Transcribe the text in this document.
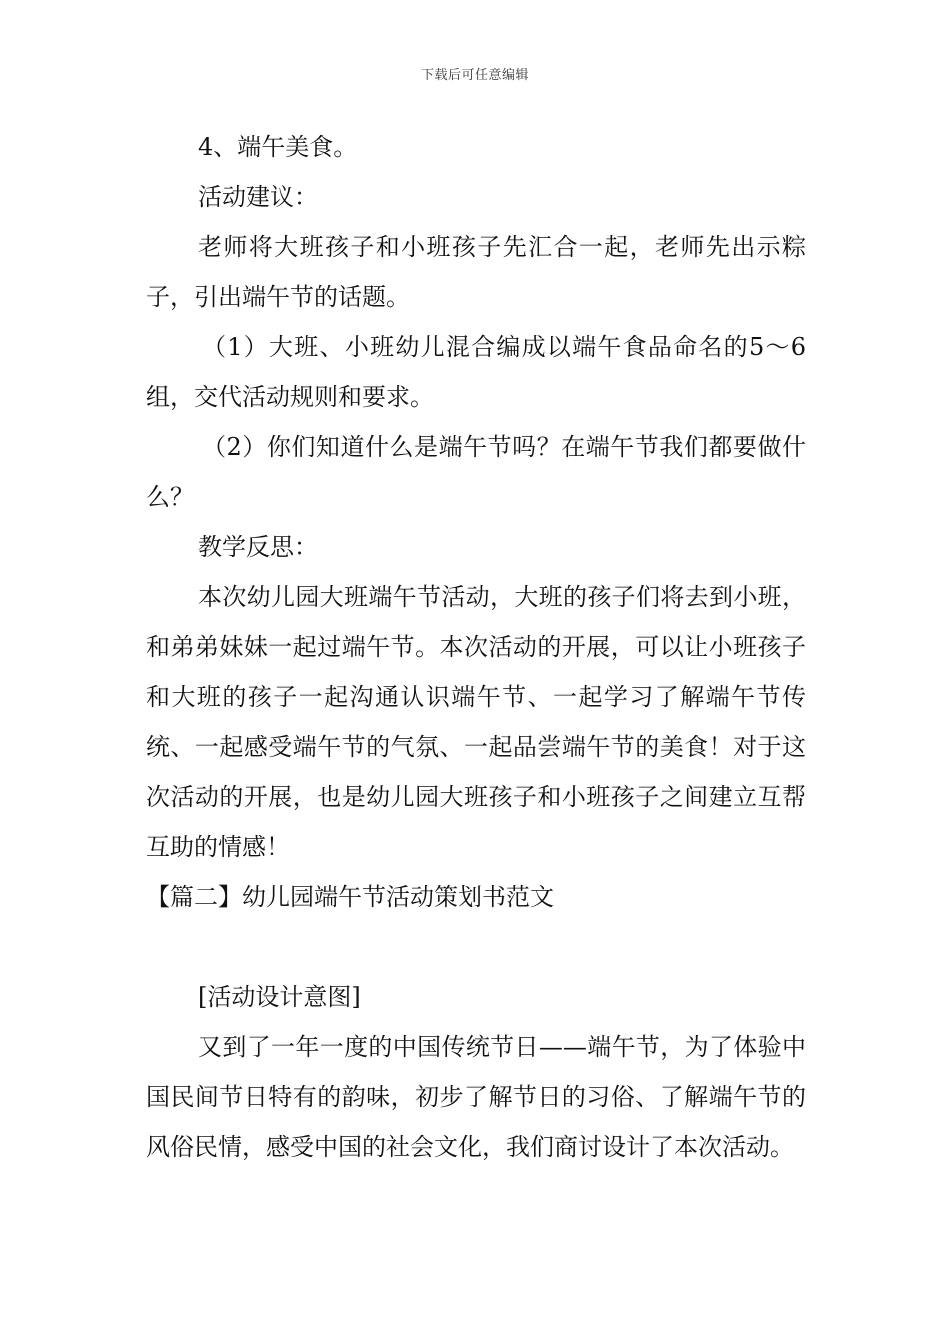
下载后可任意编辑

4、端午美食。

活动建议：

老师将大班孩子和小班孩子先汇合一起，老师先出示粽子，引出端午节的话题。

（1）大班、小班幼儿混合编成以端午食品命名的5～6组，交代活动规则和要求。

（2）你们知道什么是端午节吗？在端午节我们都要做什么？

教学反思：

本次幼儿园大班端午节活动，大班的孩子们将去到小班，和弟弟妹妹一起过端午节。本次活动的开展，可以让小班孩子和大班的孩子一起沟通认识端午节、一起学习了解端午节传统、一起感受端午节的气氛、一起品尝端午节的美食！对于这次活动的开展，也是幼儿园大班孩子和小班孩子之间建立互帮互助的情感！

【篇二】幼儿园端午节活动策划书范文

[活动设计意图]

又到了一年一度的中国传统节日——端午节，为了体验中国民间节日特有的韵味，初步了解节日的习俗、了解端午节的风俗民情，感受中国的社会文化，我们商讨设计了本次活动。
